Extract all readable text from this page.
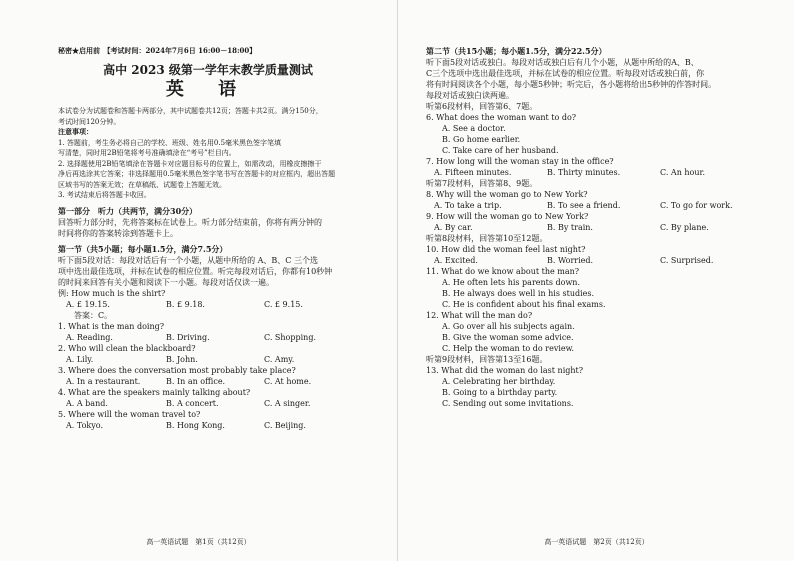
秘密★启用前　 【考试时间：2024年7月6日 16:00－18:00】
高中 2023 级第一学年末教学质量测试
英 语
本试卷分为试题卷和答题卡两部分，其中试题卷共12页；答题卡共2页。满分150分，
考试时间120分钟。
注意事项：
1. 答题前，考生务必将自己的学校、班级、姓名用0.5毫米黑色签字笔填
写清楚，同时用2B铅笔将考号准确填涂在“考号”栏目内。
2. 选择题使用2B铅笔填涂在答题卡对应题目标号的位置上，如需改动，用橡皮擦擦干
净后再选涂其它答案；非选择题用0.5毫米黑色签字笔书写在答题卡的对应框内，超出答题
区域书写的答案无效；在草稿纸、试题卷上答题无效。
3. 考试结束后将答题卡收回。
第一部分　听力（共两节，满分30分）
回答听力部分时，先将答案标在试卷上。听力部分结束前，你将有两分钟的
时间将你的答案转涂到答题卡上。
第一节（共5小题；每小题1.5分，满分7.5分）
听下面5段对话：每段对话后有一个小题，从题中所给的 A、B、C 三个选
项中选出最佳选项，并标在试卷的相应位置。听完每段对话后，你都有10秒钟
的时间来回答有关小题和阅读下一小题。每段对话仅读一遍。
例: How much is the shirt?
A. £ 19.15.	B. £ 9.18.	C. £ 9.15.
答案：C。
1. What is the man doing?
A. Reading.	B. Driving.	C. Shopping.
2. Who will clean the blackboard?
A. Lily.	B. John.	C. Amy.
3. Where does the conversation most probably take place?
A. In a restaurant.	B. In an office.	C. At home.
4. What are the speakers mainly talking about?
A. A band.	B. A concert.	C. A singer.
5. Where will the woman travel to?
A. Tokyo.	B. Hong Kong.	C. Beijing.
高一英语试题　第1页（共12页）
第二节（共15小题；每小题1.5分，满分22.5分）
听下面5段对话或独白。每段对话或独白后有几个小题，从题中所给的A、B、
C三个选项中选出最佳选项，并标在试卷的相应位置。听每段对话或独白前，你
将有时间阅读各个小题，每小题5秒钟；听完后，各小题将给出5秒钟的作答时间。
每段对话或独白读两遍。
听第6段材料，回答第6、7题。
6. What does the woman want to do?
A. See a doctor.
B. Go home earlier.
C. Take care of her husband.
7. How long will the woman stay in the office?
A. Fifteen minutes.	B. Thirty minutes.	C. An hour.
听第7段材料，回答第8、9题。
8. Why will the woman go to New York?
A. To take a trip.	B. To see a friend.	C. To go for work.
9. How will the woman go to New York?
A. By car.	B. By train.	C. By plane.
听第8段材料，回答第10至12题。
10. How did the woman feel last night?
A. Excited.	B. Worried.	C. Surprised.
11. What do we know about the man?
A. He often lets his parents down.
B. He always does well in his studies.
C. He is confident about his final exams.
12. What will the man do?
A. Go over all his subjects again.
B. Give the woman some advice.
C. Help the woman to do review.
听第9段材料，回答第13至16题。
13. What did the woman do last night?
A. Celebrating her birthday.
B. Going to a birthday party.
C. Sending out some invitations.
高一英语试题　第2页（共12页）
